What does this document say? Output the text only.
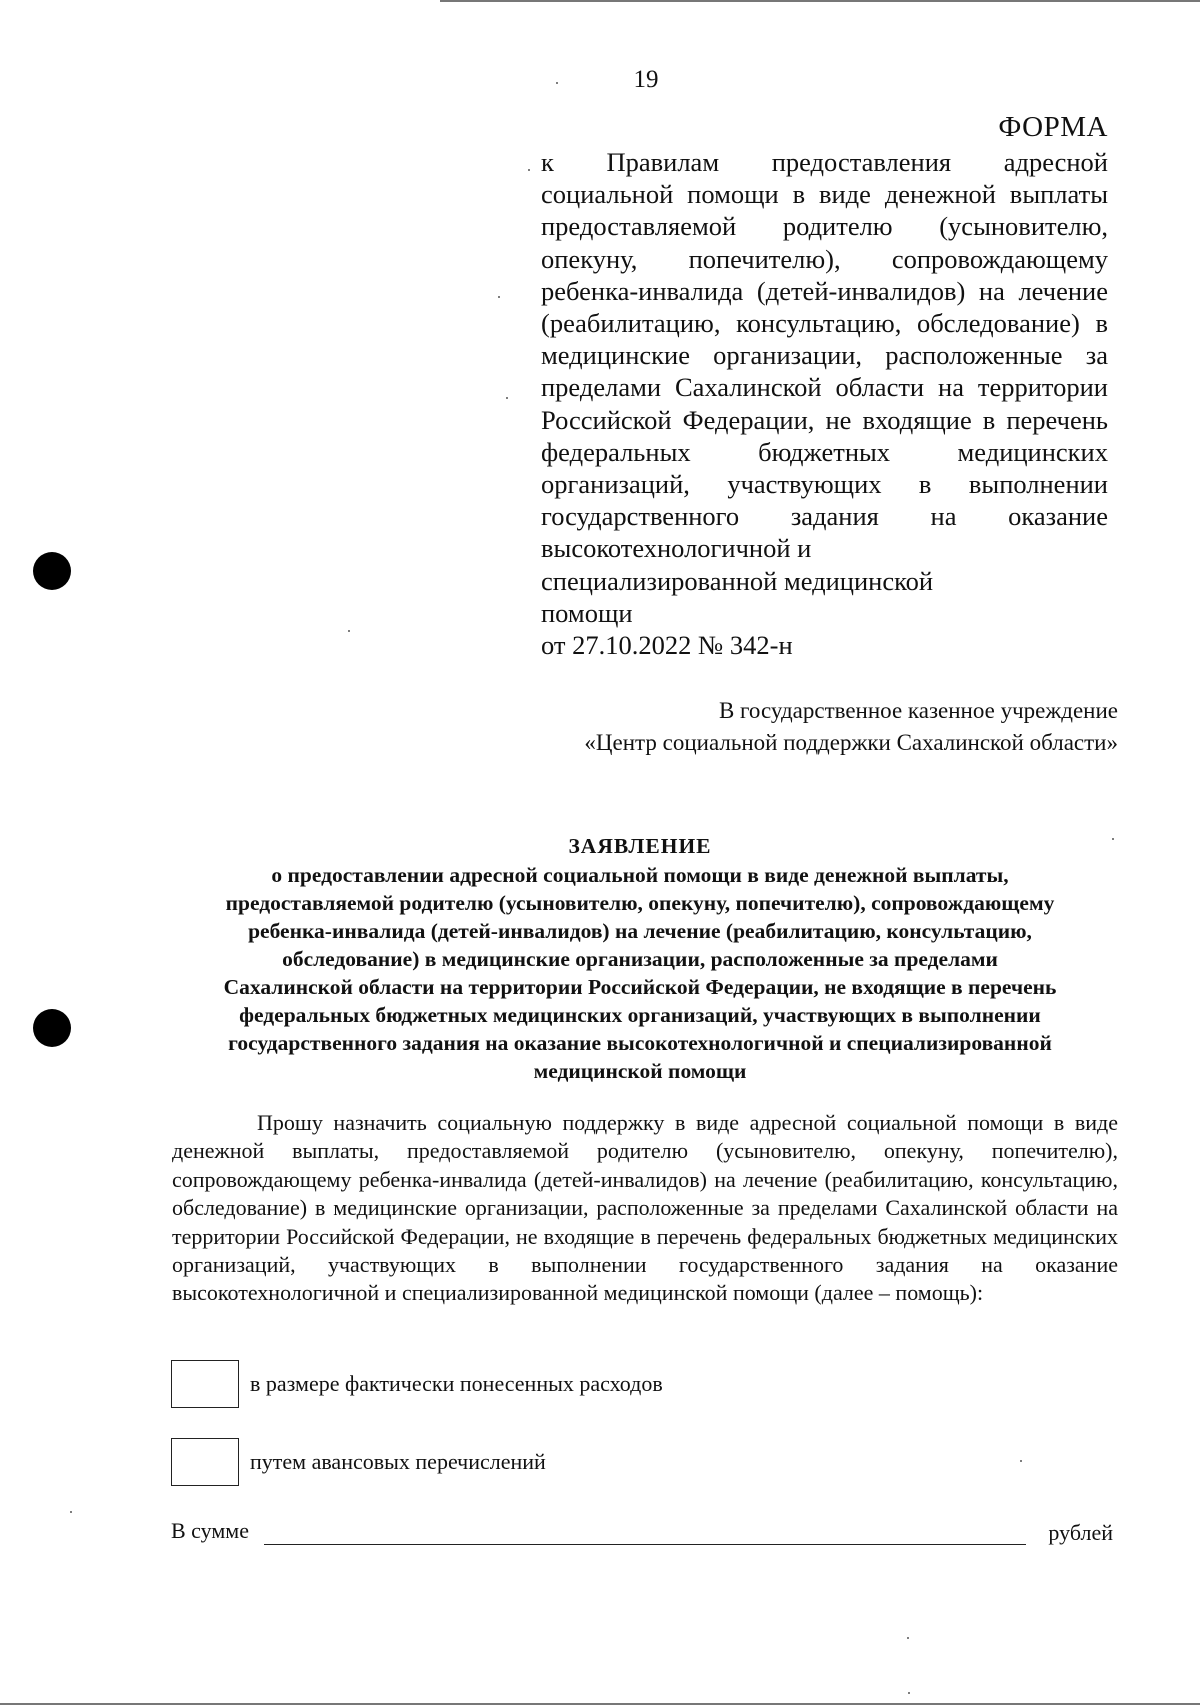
19
ФОРМА
к Правилам предоставления адресной социальной помощи в виде денежной выплаты предоставляемой родителю (усыновителю, опекуну, попечителю), сопровождающему ребенка-инвалида (детей-инвалидов) на лечение (реабилитацию, консультацию, обследование) в медицинские организации, расположенные за пределами Сахалинской области на территории Российской Федерации, не входящие в перечень федеральных бюджетных медицинских организаций, участвующих в выполнении государственного задания на оказание высокотехнологичной и
специализированной медицинской
помощи
от 27.10.2022 № 342-н
В государственное казенное учреждение
«Центр социальной поддержки Сахалинской области»
ЗАЯВЛЕНИЕ
о предоставлении адресной социальной помощи в виде денежной выплаты,
предоставляемой родителю (усыновителю, опекуну, попечителю), сопровождающему
ребенка-инвалида (детей-инвалидов) на лечение (реабилитацию, консультацию,
обследование) в медицинские организации, расположенные за пределами
Сахалинской области на территории Российской Федерации, не входящие в перечень
федеральных бюджетных медицинских организаций, участвующих в выполнении
государственного задания на оказание высокотехнологичной и специализированной
медицинской помощи
Прошу назначить социальную поддержку в виде адресной социальной помощи в виде денежной выплаты, предоставляемой родителю (усыновителю, опекуну, попечителю), сопровождающему ребенка-инвалида (детей-инвалидов) на лечение (реабилитацию, консультацию, обследование) в медицинские организации, расположенные за пределами Сахалинской области на территории Российской Федерации, не входящие в перечень федеральных бюджетных медицинских организаций, участвующих в выполнении государственного задания на оказание высокотехнологичной и специализированной медицинской помощи (далее – помощь):
в размере фактически понесенных расходов
путем авансовых перечислений
В сумме	рублей
